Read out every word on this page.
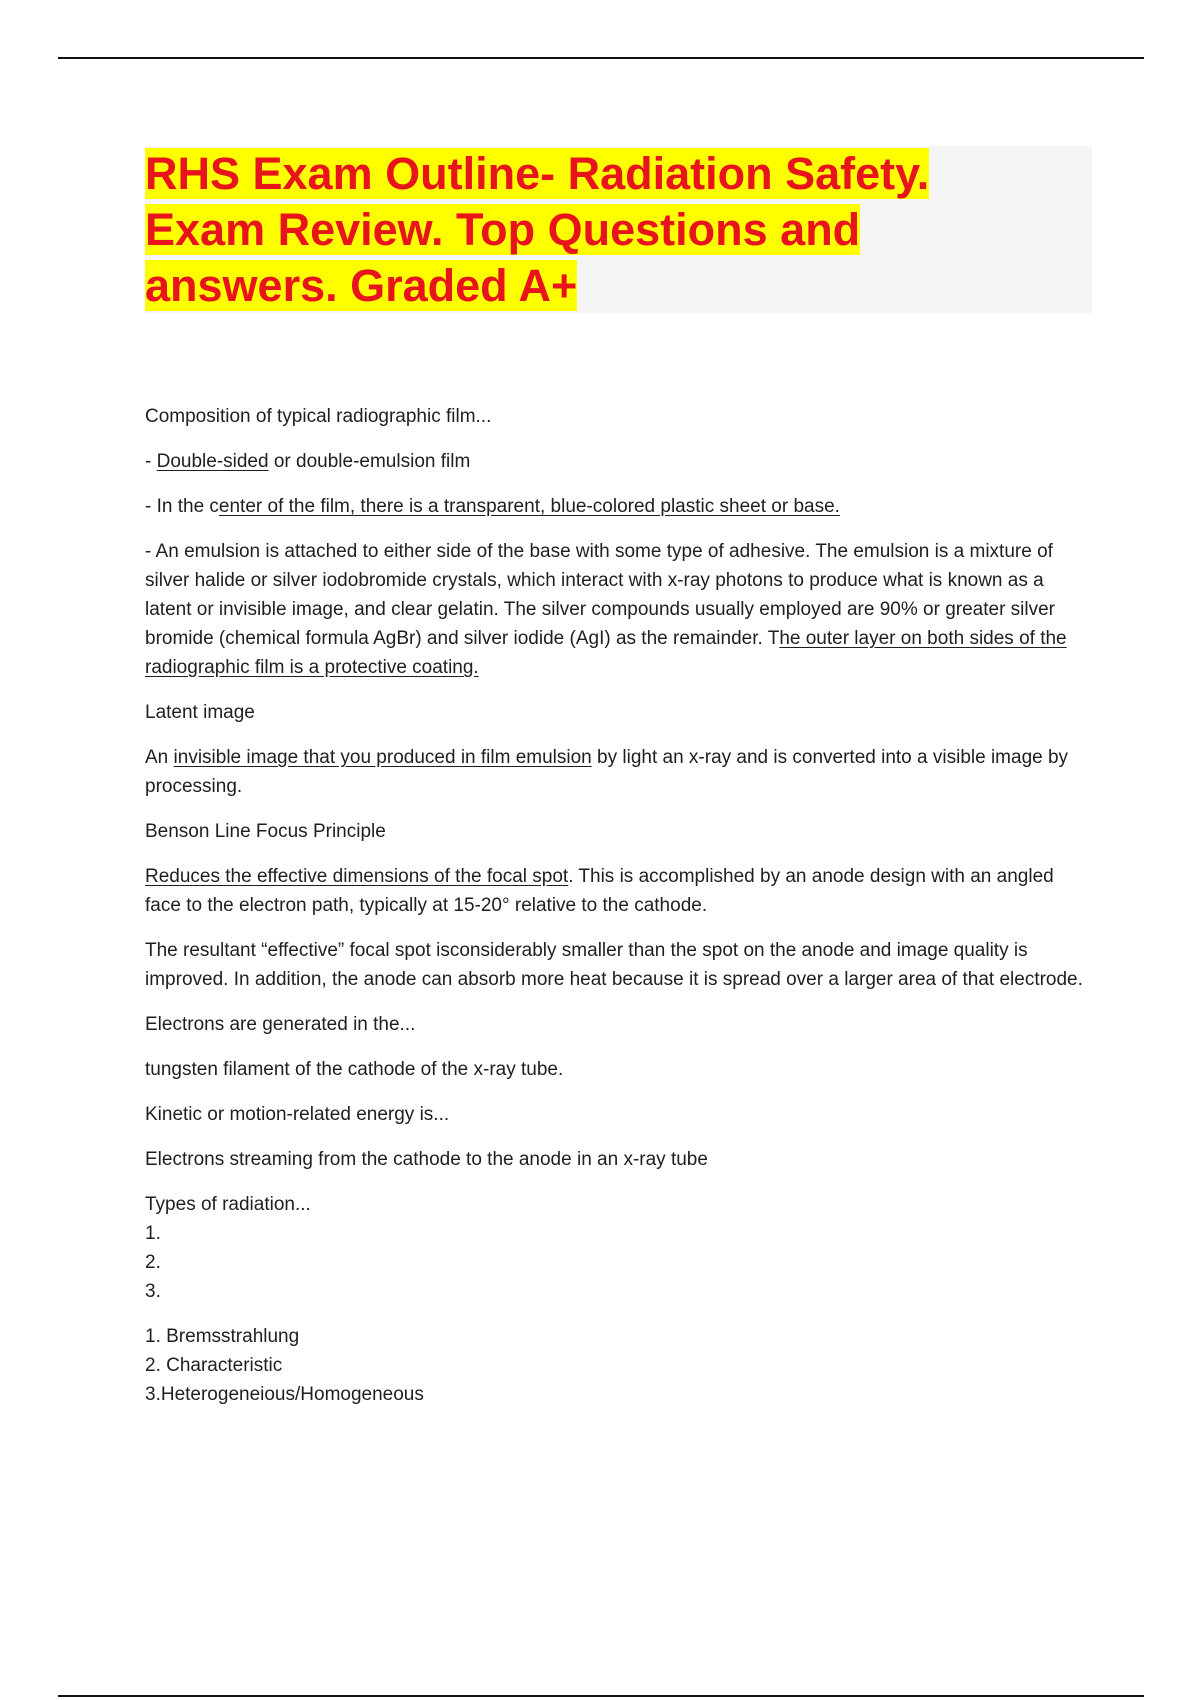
RHS Exam Outline- Radiation Safety.
Exam Review. Top Questions and
answers. Graded A+

Composition of typical radiographic film...

- Double-sided or double-emulsion film

- In the center of the film, there is a transparent, blue-colored plastic sheet or base.

- An emulsion is attached to either side of the base with some type of adhesive. The emulsion is a mixture of silver halide or silver iodobromide crystals, which interact with x-ray photons to produce what is known as a latent or invisible image, and clear gelatin. The silver compounds usually employed are 90% or greater silver bromide (chemical formula AgBr) and silver iodide (AgI) as the remainder. The outer layer on both sides of the radiographic film is a protective coating.

Latent image

An invisible image that you produced in film emulsion by light an x-ray and is converted into a visible image by processing.

Benson Line Focus Principle

Reduces the effective dimensions of the focal spot. This is accomplished by an anode design with an angled face to the electron path, typically at 15-20° relative to the cathode.

The resultant “effective” focal spot isconsiderably smaller than the spot on the anode and image quality is improved. In addition, the anode can absorb more heat because it is spread over a larger area of that electrode.

Electrons are generated in the...

tungsten filament of the cathode of the x-ray tube.

Kinetic or motion-related energy is...

Electrons streaming from the cathode to the anode in an x-ray tube

Types of radiation...
1.
2.
3.

1. Bremsstrahlung
2. Characteristic
3.Heterogeneious/Homogeneous
